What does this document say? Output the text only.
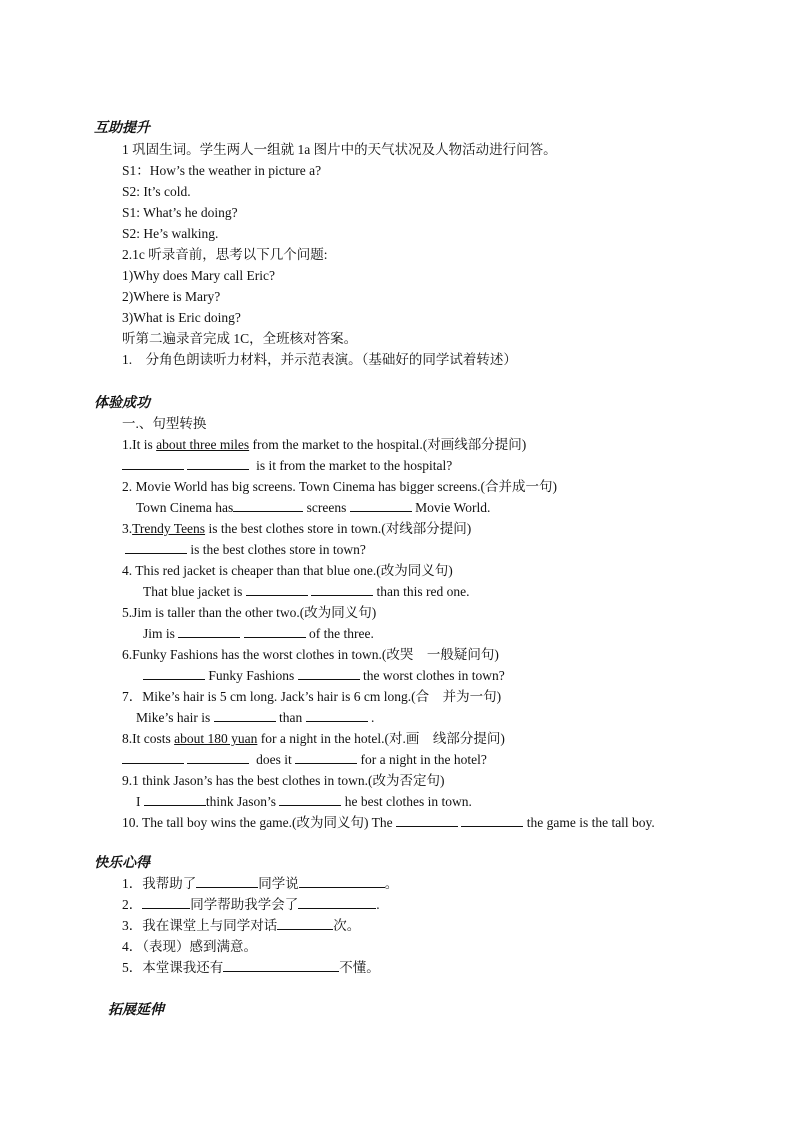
互助提升
1 巩固生词。学生两人一组就 1a 图片中的天气状况及人物活动进行问答。
S1：How’s the weather in picture a?
S2: It’s cold.
S1: What’s he doing?
S2: He’s walking.
2.1c 听录音前，思考以下几个问题:
1)Why does Mary call Eric?
2)Where is Mary?
3)What is Eric doing?
听第二遍录音完成 1C，全班核对答案。
1.　分角色朗读听力材料，并示范表演。（基础好的同学试着转述）
体验成功
一.、句型转换
1.It is about three miles from the market to the hospital.(对画线部分提问)
is it from the market to the hospital?
2. Movie World has big screens. Town Cinema has bigger screens.(合并成一句)
Town Cinema has	screens	Movie World.
3.Trendy Teens is the best clothes store in town.(对线部分提问)
is the best clothes store in town?
4. This red jacket is cheaper than that blue one.(改为同义句)
That blue jacket is	than this red one.
5.Jim is taller than the other two.(改为同义句)
Jim is	of the three.
6.Funky Fashions has the worst clothes in town.(改哭　一般疑问句)
Funky Fashions	the worst clothes in town?
7．Mike’s hair is 5 cm long. Jack’s hair is 6 cm long.(合　并为一句)
Mike’s hair is	than	.
8.It costs about 180 yuan for a night in the hotel.(对.画　线部分提问)
does it	for a night in the hotel?
9.1 think Jason’s has the best clothes in town.(改为否定句)
I	think Jason’s	he best clothes in town.
10. The tall boy wins the game.(改为同义句) The	the game is the tall boy.
快乐心得
1．我帮助了	同学说	。
2．	同学帮助我学会了	.
3．我在课堂上与同学对话	次。
4．（表现）感到满意。
5．本堂课我还有	不懂。
拓展延伸
